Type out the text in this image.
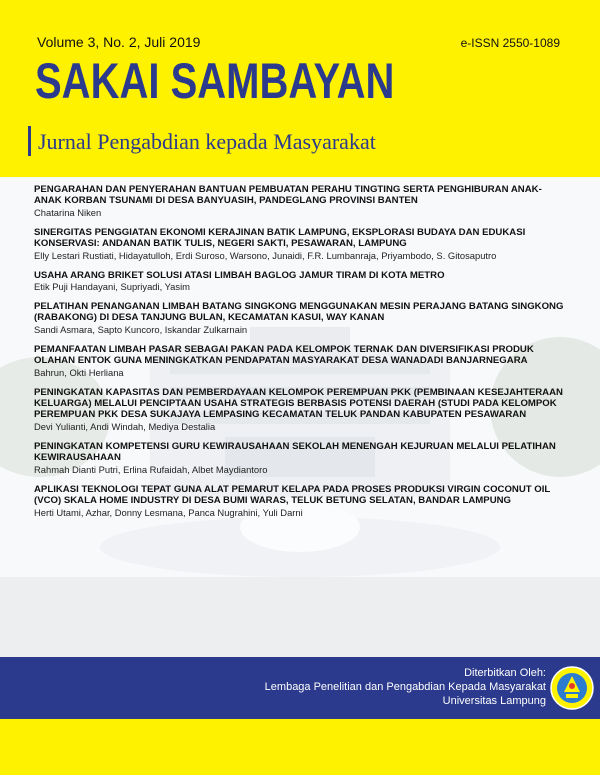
Volume 3, No. 2, Juli 2019	e-ISSN 2550-1089
SAKAI SAMBAYAN
Jurnal Pengabdian kepada Masyarakat
PENGARAHAN DAN PENYERAHAN BANTUAN PEMBUATAN PERAHU TINGTING SERTA PENGHIBURAN ANAK-ANAK KORBAN TSUNAMI DI DESA BANYUASIH, PANDEGLANG PROVINSI BANTEN
Chatarina Niken
SINERGITAS PENGGIATAN EKONOMI KERAJINAN BATIK LAMPUNG, EKSPLORASI BUDAYA DAN EDUKASI KONSERVASI: ANDANAN BATIK TULIS, NEGERI SAKTI, PESAWARAN, LAMPUNG
Elly Lestari Rustiati, Hidayatulloh, Erdi Suroso, Warsono, Junaidi, F.R. Lumbanraja, Priyambodo, S. Gitosaputro
USAHA ARANG BRIKET SOLUSI ATASI LIMBAH BAGLOG JAMUR TIRAM DI KOTA METRO
Etik Puji Handayani, Supriyadi, Yasim
PELATIHAN PENANGANAN LIMBAH BATANG SINGKONG MENGGUNAKAN MESIN PERAJANG BATANG SINGKONG (RABAKONG) DI DESA TANJUNG BULAN, KECAMATAN KASUI, WAY KANAN
Sandi Asmara, Sapto Kuncoro, Iskandar Zulkarnain
PEMANFAATAN LIMBAH PASAR SEBAGAI PAKAN PADA KELOMPOK TERNAK DAN DIVERSIFIKASI PRODUK OLAHAN ENTOK GUNA MENINGKATKAN PENDAPATAN MASYARAKAT DESA WANADADI BANJARNEGARA
Bahrun, Okti Herliana
PENINGKATAN KAPASITAS DAN PEMBERDAYAAN KELOMPOK PEREMPUAN PKK (PEMBINAAN KESEJAHTERAAN KELUARGA) MELALUI PENCIPTAAN USAHA STRATEGIS BERBASIS POTENSI DAERAH (STUDI PADA KELOMPOK PEREMPUAN PKK DESA SUKAJAYA LEMPASING KECAMATAN TELUK PANDAN KABUPATEN PESAWARAN
Devi Yulianti, Andi Windah, Mediya Destalia
PENINGKATAN KOMPETENSI GURU KEWIRAUSAHAAN SEKOLAH MENENGAH KEJURUAN MELALUI PELATIHAN KEWIRAUSAHAAN
Rahmah Dianti Putri, Erlina Rufaidah, Albet Maydiantoro
APLIKASI TEKNOLOGI TEPAT GUNA ALAT PEMARUT KELAPA PADA PROSES PRODUKSI VIRGIN COCONUT OIL (VCO) SKALA HOME INDUSTRY DI DESA BUMI WARAS, TELUK BETUNG SELATAN, BANDAR LAMPUNG
Herti Utami, Azhar, Donny Lesmana, Panca Nugrahini, Yuli Darni
Diterbitkan Oleh:
Lembaga Penelitian dan Pengabdian Kepada Masyarakat
Universitas Lampung
